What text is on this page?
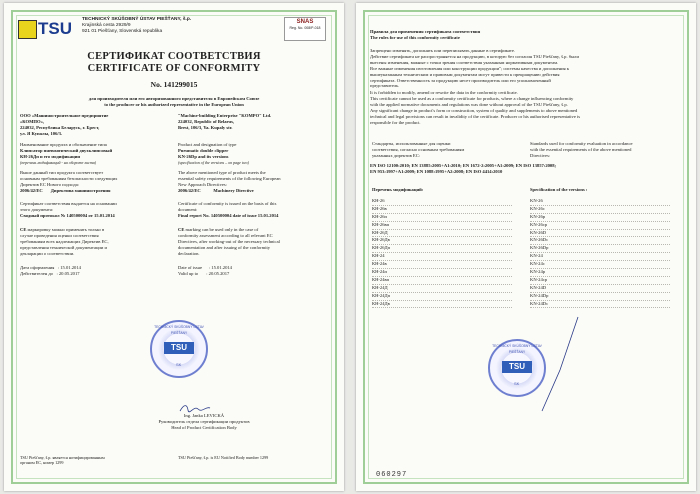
TSU TECHNICKÝ SKÚŠOBNÝ ÚSTAV PIEŠŤANY, š.p.
Krajinská cesta 2929/9
921 01 Piešťany, Slovenská republika
SNAS
Reg. No. 008/P-018
СЕРТИФИКАТ СООТВЕТСТВИЯ
CERTIFICATE OF CONFORMITY
No. 141299015
для производителя или его авторизованного представителя в Европейском Союзе
to the producer or his authorized representative in the European Union
ООО «Машиностроительное предприятие
«КОМПО»,
224032, Республика Беларусь, г. Брест,
ул. Я Купалы, 106/3.
"Machine-building Enterprise "KOMPO" Ltd.
224032, Republic of Belarus,
Brest, 106/3, Ya. Kupaly str.
Наименование продукта и обозначение типа
Клипсатор пневматический двухклипсовый
КН-26Дп и его модификации
(перечень модификаций - на обороте листа)
Product and designation of type
Pneumatic double clipper
KN-26Dp and its versions
(specification of the versions – on page two)
Выше данный тип продукта соответствует
основным требованиям безопасности следующих
Директив ЕС Нового подхода:
2006/42/EC Директива машиностроения
The above mentioned type of product meets the
essential safety requirements of the following European
New Approach Directives:
2006/42/EC	Machinery Directive
Сертификат соответствия выдается на основании
этого документа:
Сводный протокол № 140500004 от 15.01.2014
Certificate of conformity is issued on the basis of this
document:
Final report No. 140500004 date of issue 15.01.2014
CE маркировку можно применять только в
случае проведения оценки соответствия
требованиям всех надлежащих Директив ЕС,
представления технической документации и
декларации о соответствии.
CE marking can be used only in the case of
conformity assessment according to all relevant EC
Directives, after working-out of the necessary technical
documentation and after issuing of the conformity
declaration.
Дата оформления : 15.01.2014
Действителен до : 20.05.2017
Date of issue : 15.01.2014
Valid up to : 20.05.2017
TECHNICKÝ SKÚŠOBNÝ ÚSTAV PIEŠŤANY
TSU
SK
Ing. Janka LEVICKÁ
Руководитель отдела сертификации продуктов
Head of Product Certification Body
TSU Piešťany, š.p. является нотифицированным
органом ЕС, номер 1299
TSU Piešťany, š.p. is EU Notified Body number 1299
Правила для применения сертификата соответствия
The rules for use of this conformity certificate
Запрещено изменять, дополнять или переписывать данные в сертификате.
Действие сертификата не распространяется на продукцию, в которую без согласия TSU Piešťany, š.p. были
внесены изменения, важные с точки зрения соответствия указанным нормативным документам.
Все важные изменения изготовления или конструкции продукции"; системы качества и дополнения к
вышеуказанным техническим и правовым документам могут привести к прекращению действия
сертификата. Ответственность за продукцию несет производитель или его уполномоченный
представитель.
It is forbidden to modify, amend or rewrite the data in the conformity certificate.
This certificate cannot be used as a conformity certificate for products, where a change influencing conformity
with the applied normative documents and regulations was done without approval of the TSU Piešťany, š.p.
Any significant change in product's form or construction, system of quality and supplements to above mentioned
technical and legal provisions can result in invalidity of the certificate. Producer or his authorised representative is
responsible for the product.
Стандарты, использованные для оценки
соответствия, согласно основным требованиям
указанных директив ЕС:
Standards used for conformity evaluation in accordance
with the essential requirements of the above mentioned
Directives:
EN ISO 12100:2010; EN 13885:2005+A1:2010; EN 1672-2:2005+A1:2009; EN ISO 13857:2008;
EN 953:1997+A1:2009; EN 1088:1995+A2:2008; EN ISO 4414:2010
Перечень модификаций:	Specification of the versions :
КН-26
КН-26в
КН-26п
КН-26вп
КН-26Д
КН-26Дв
КН-26Дп
КН-24
КН-24в
КН-24п
КН-24вп
КН-24Д
КН-24Дп
КН-24Дв
KN-26
KN-26c
KN-26p
KN-26cp
KN-26D
KN-26Dc
KN-26Dp
KN-24
KN-24c
KN-24p
KN-24cp
KN-24D
KN-24Dp
KN-24Dc
TECHNICKÝ SKÚŠOBNÝ ÚSTAV PIEŠŤANY
TSU
SK
060297
